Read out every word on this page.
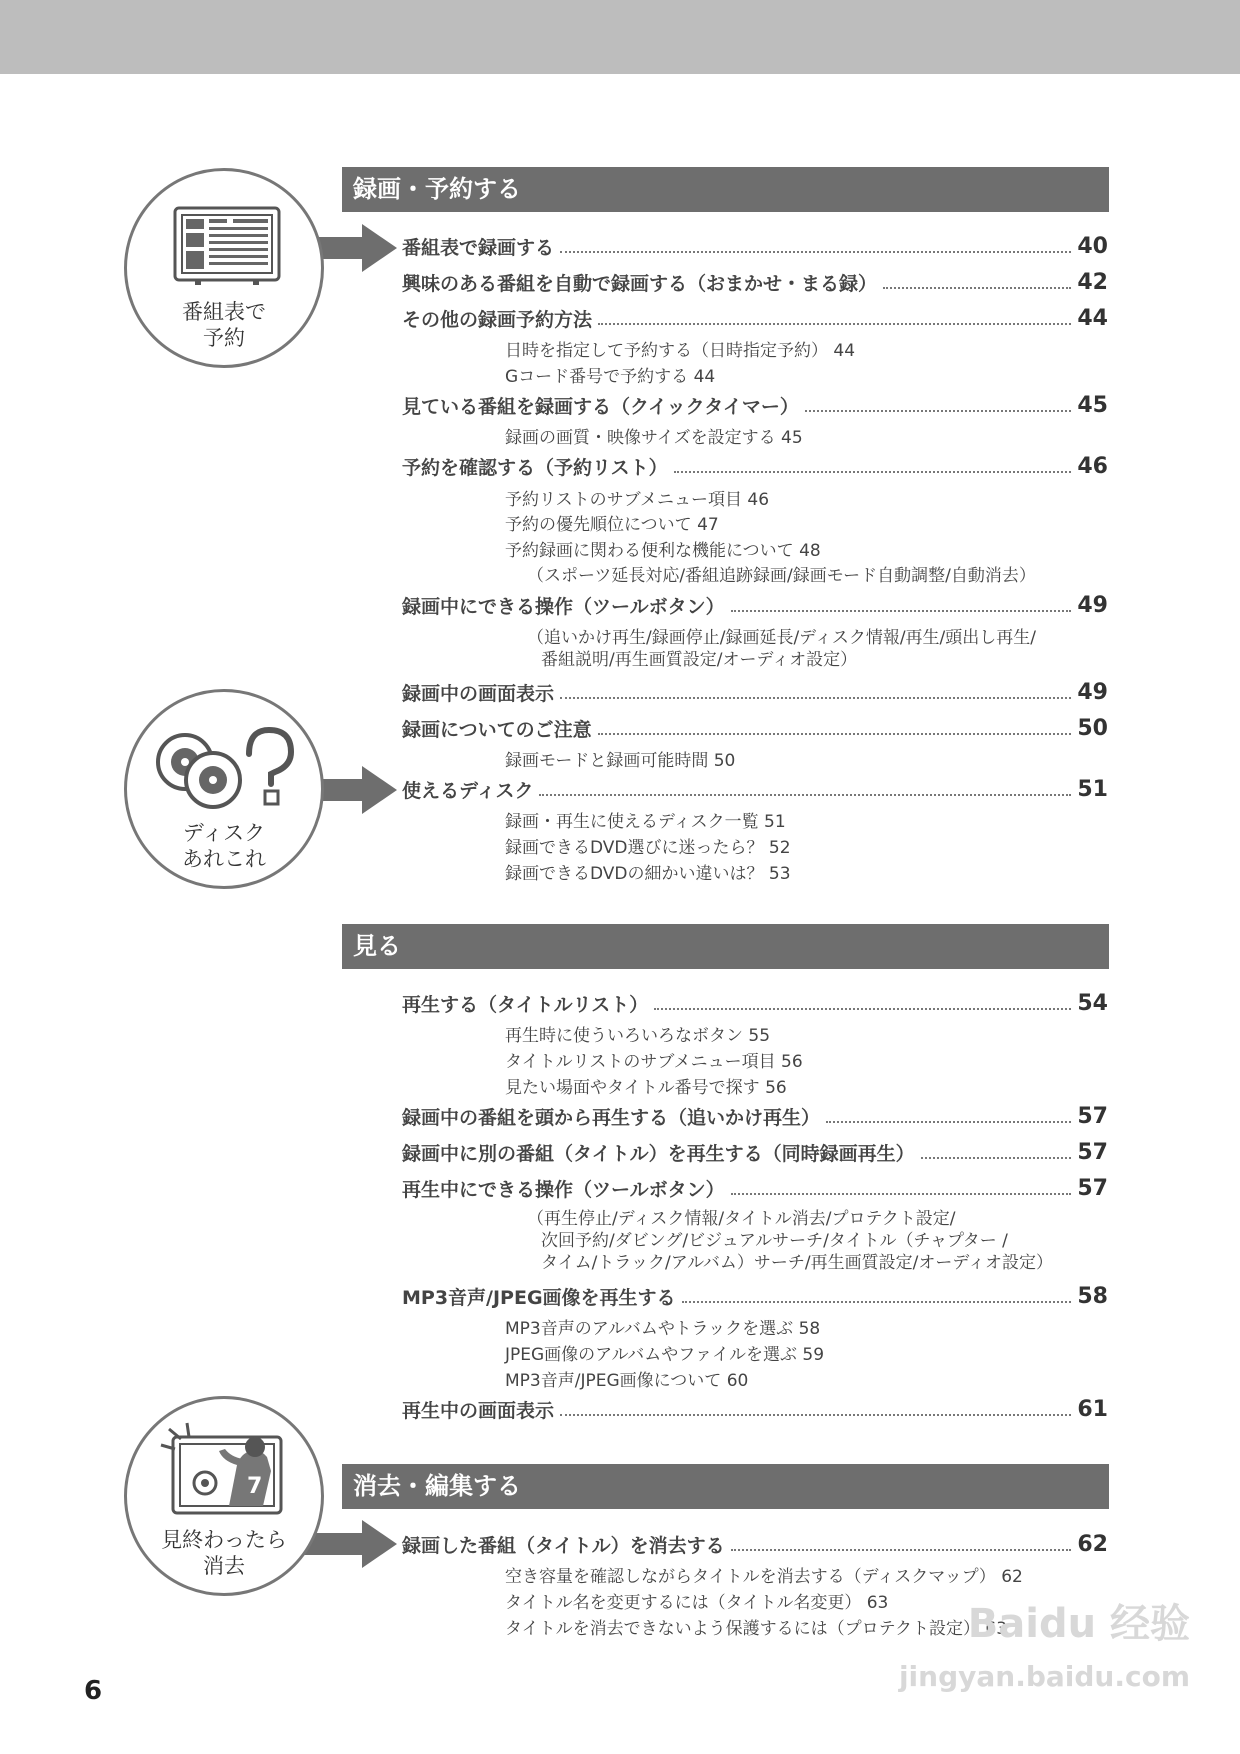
録画・予約する
番組表で録画する	40
興味のある番組を自動で録画する（おまかせ・まる録）	42
その他の録画予約方法	44
日時を指定して予約する（日時指定予約） 44
Gコード番号で予約する 44
見ている番組を録画する（クイックタイマー）	45
録画の画質・映像サイズを設定する 45
予約を確認する（予約リスト）	46
予約リストのサブメニュー項目 46
予約の優先順位について 47
予約録画に関わる便利な機能について 48
（スポーツ延長対応/番組追跡録画/録画モード自動調整/自動消去）
録画中にできる操作（ツールボタン）	49
（追いかけ再生/録画停止/録画延長/ディスク情報/再生/頭出し再生/
番組説明/再生画質設定/オーディオ設定）
録画中の画面表示	49
録画についてのご注意	50
録画モードと録画可能時間 50
使えるディスク	51
録画・再生に使えるディスク一覧 51
録画できるDVD選びに迷ったら？ 52
録画できるDVDの細かい違いは？ 53
見る
再生する（タイトルリスト）	54
再生時に使ういろいろなボタン 55
タイトルリストのサブメニュー項目 56
見たい場面やタイトル番号で探す 56
録画中の番組を頭から再生する（追いかけ再生）	57
録画中に別の番組（タイトル）を再生する（同時録画再生）	57
再生中にできる操作（ツールボタン）	57
（再生停止/ディスク情報/タイトル消去/プロテクト設定/
次回予約/ダビング/ビジュアルサーチ/タイトル（チャプター /
タイム/トラック/アルバム）サーチ/再生画質設定/オーディオ設定）
MP3音声/JPEG画像を再生する	58
MP3音声のアルバムやトラックを選ぶ 58
JPEG画像のアルバムやファイルを選ぶ 59
MP3音声/JPEG画像について 60
再生中の画面表示	61
消去・編集する
録画した番組（タイトル）を消去する	62
空き容量を確認しながらタイトルを消去する（ディスクマップ） 62
タイトル名を変更するには（タイトル名変更） 63
タイトルを消去できないよう保護するには（プロテクト設定） 63
番組表で
予約
ディスク
あれこれ
7
見終わったら
消去
6
Baidu 经验
jingyan.baidu.com
